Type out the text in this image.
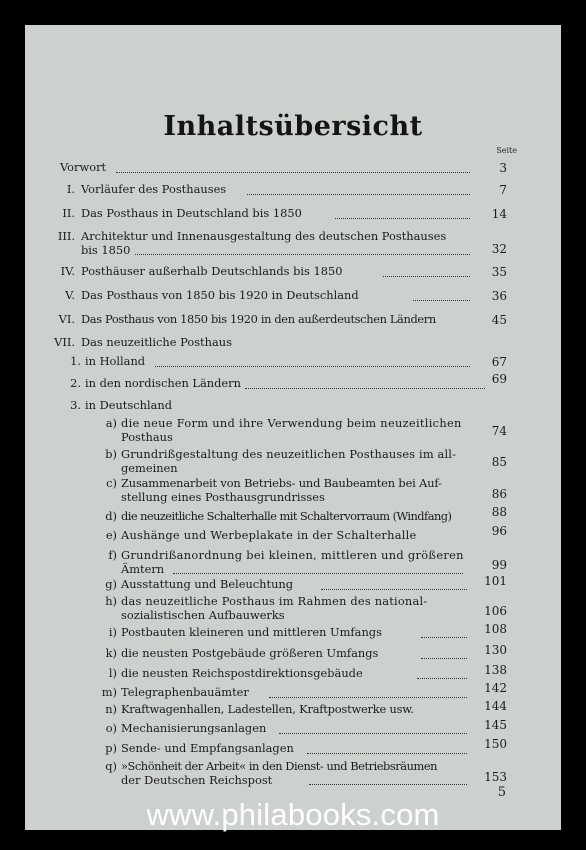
Inhaltsübersicht
Seite
Vorwort	3
I. Vorläufer des Posthauses	7
II. Das Posthaus in Deutschland bis 1850	14
III. Architektur und Innenausgestaltung des deutschen Posthauses
bis 1850	32
IV. Posthäuser außerhalb Deutschlands bis 1850	35
V. Das Posthaus von 1850 bis 1920 in Deutschland	36
VI. Das Posthaus von 1850 bis 1920 in den außerdeutschen Ländern	45
VII. Das neuzeitliche Posthaus
1. in Holland	67
2. in den nordischen Ländern	69
3. in Deutschland
a) die neue Form und ihre Verwendung beim neuzeitlichen
Posthaus	74
b) Grundrißgestaltung des neuzeitlichen Posthauses im all-
gemeinen	85
c) Zusammenarbeit von Betriebs- und Baubeamten bei Auf-
stellung eines Posthausgrundrisses	86
d) die neuzeitliche Schalterhalle mit Schaltervorraum (Windfang)	88
e) Aushänge und Werbeplakate in der Schalterhalle	96
f) Grundrißanordnung bei kleinen, mittleren und größeren
Ämtern	99
g) Ausstattung und Beleuchtung	101
h) das neuzeitliche Posthaus im Rahmen des national-
sozialistischen Aufbauwerks	106
i) Postbauten kleineren und mittleren Umfangs	108
k) die neusten Postgebäude größeren Umfangs	130
l) die neusten Reichspostdirektionsgebäude	138
m) Telegraphenbauämter	142
n) Kraftwagenhallen, Ladestellen, Kraftpostwerke usw.	144
o) Mechanisierungsanlagen	145
p) Sende- und Empfangsanlagen	150
q) »Schönheit der Arbeit« in den Dienst- und Betriebsräumen
der Deutschen Reichspost	153
5
www.philabooks.com
